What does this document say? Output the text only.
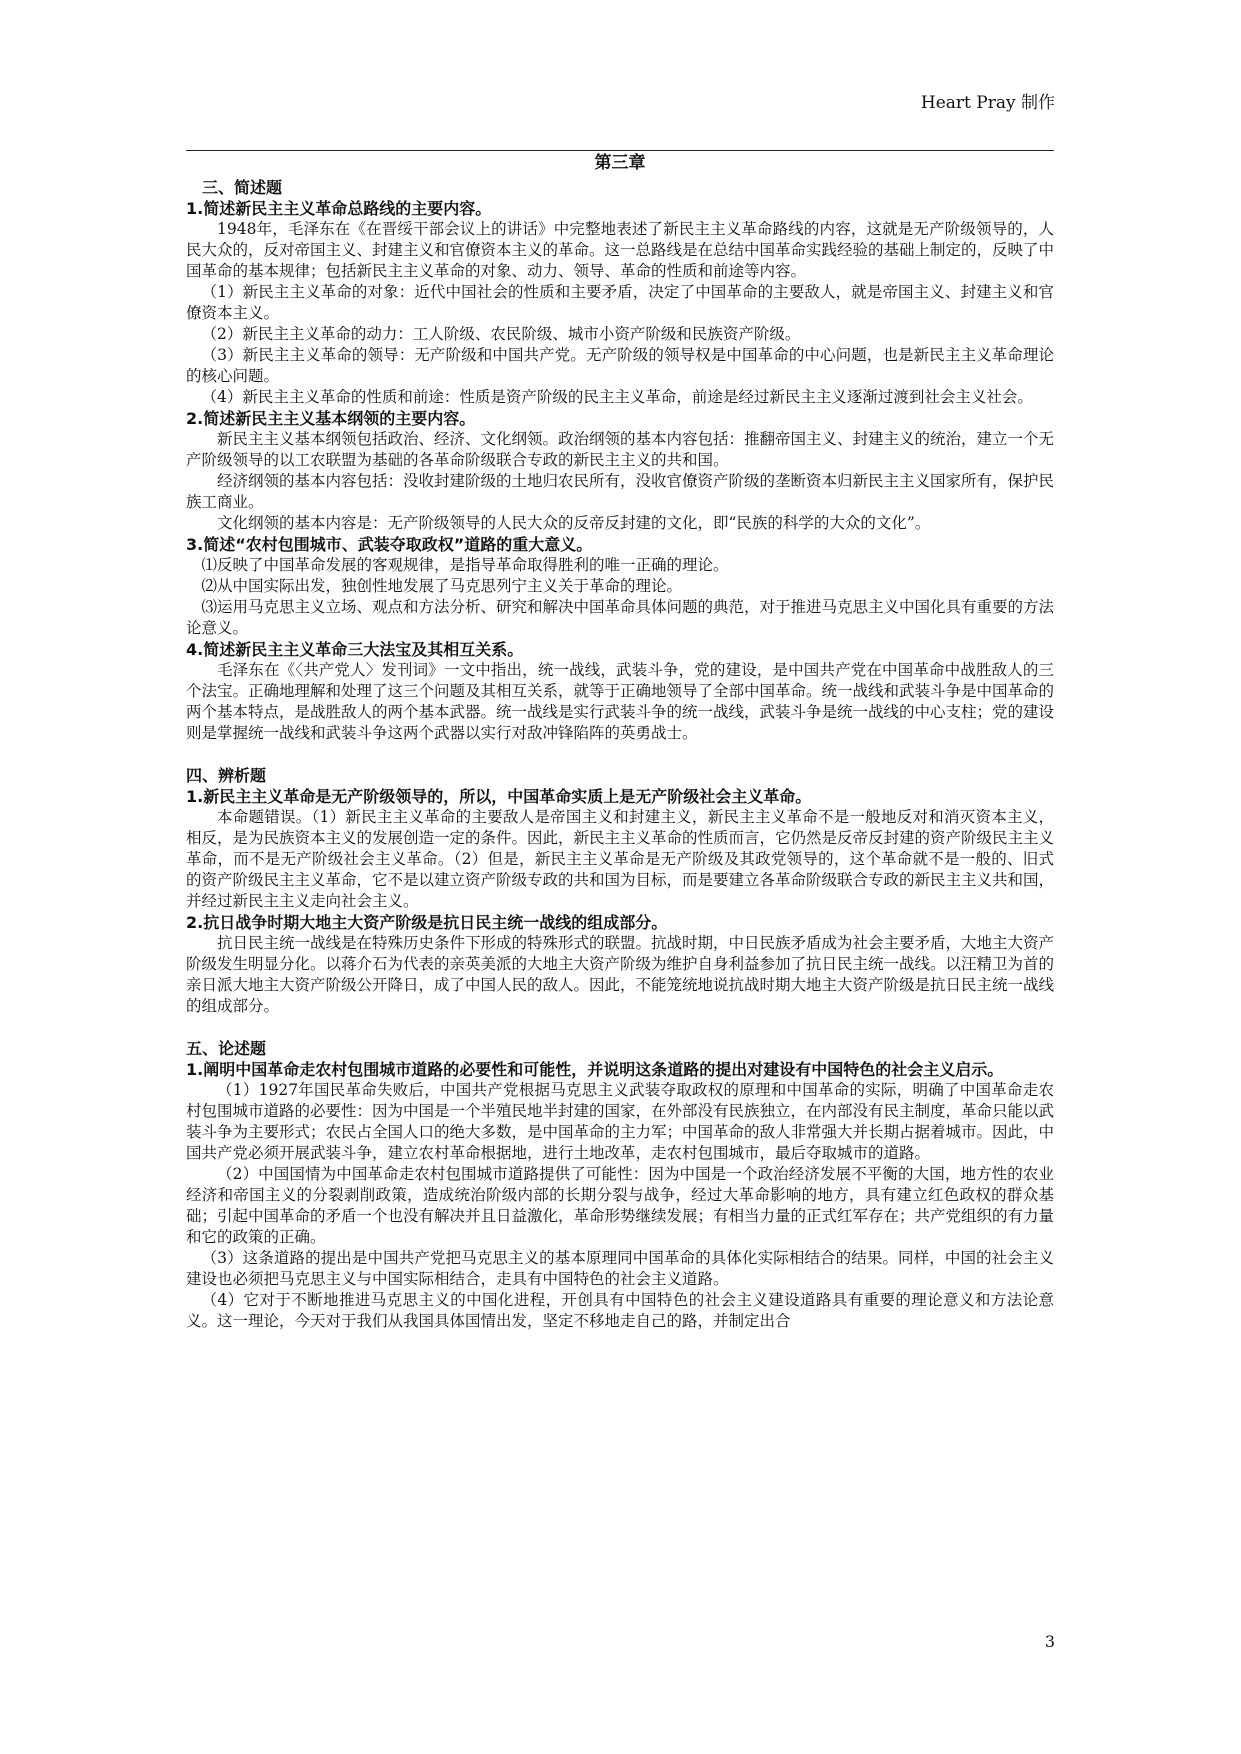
Heart Pray 制作
第三章
三、简述题
1.简述新民主主义革命总路线的主要内容。

1948年，毛泽东在《在晋绥干部会议上的讲话》中完整地表述了新民主主义革命路线的内容，这就是无产阶级领导的，人民大众的，反对帝国主义、封建主义和官僚资本主义的革命。这一总路线是在总结中国革命实践经验的基础上制定的，反映了中国革命的基本规律；包括新民主主义革命的对象、动力、领导、革命的性质和前途等内容。

（1）新民主主义革命的对象：近代中国社会的性质和主要矛盾，决定了中国革命的主要敌人，就是帝国主义、封建主义和官僚资本主义。

（2）新民主主义革命的动力：工人阶级、农民阶级、城市小资产阶级和民族资产阶级。

（3）新民主主义革命的领导：无产阶级和中国共产党。无产阶级的领导权是中国革命的中心问题，也是新民主主义革命理论的核心问题。

（4）新民主主义革命的性质和前途：性质是资产阶级的民主主义革命，前途是经过新民主主义逐渐过渡到社会主义社会。

2.简述新民主主义基本纲领的主要内容。

新民主主义基本纲领包括政治、经济、文化纲领。政治纲领的基本内容包括：推翻帝国主义、封建主义的统治，建立一个无产阶级领导的以工农联盟为基础的各革命阶级联合专政的新民主主义的共和国。

经济纲领的基本内容包括：没收封建阶级的土地归农民所有，没收官僚资产阶级的垄断资本归新民主主义国家所有，保护民族工商业。

文化纲领的基本内容是：无产阶级领导的人民大众的反帝反封建的文化，即“民族的科学的大众的文化”。

3.简述“农村包围城市、武装夺取政权”道路的重大意义。

⑴反映了中国革命发展的客观规律，是指导革命取得胜利的唯一正确的理论。

⑵从中国实际出发，独创性地发展了马克思列宁主义关于革命的理论。

⑶运用马克思主义立场、观点和方法分析、研究和解决中国革命具体问题的典范，对于推进马克思主义中国化具有重要的方法论意义。

4.简述新民主主义革命三大法宝及其相互关系。

毛泽东在《〈共产党人〉发刊词》一文中指出，统一战线，武装斗争，党的建设，是中国共产党在中国革命中战胜敌人的三个法宝。正确地理解和处理了这三个问题及其相互关系，就等于正确地领导了全部中国革命。统一战线和武装斗争是中国革命的两个基本特点，是战胜敌人的两个基本武器。统一战线是实行武装斗争的统一战线，武装斗争是统一战线的中心支柱；党的建设则是掌握统一战线和武装斗争这两个武器以实行对敌冲锋陷阵的英勇战士。

四、辨析题
1.新民主主义革命是无产阶级领导的，所以，中国革命实质上是无产阶级社会主义革命。

本命题错误。（1）新民主主义革命的主要敌人是帝国主义和封建主义，新民主主义革命不是一般地反对和消灭资本主义，相反，是为民族资本主义的发展创造一定的条件。因此，新民主主义革命的性质而言，它仍然是反帝反封建的资产阶级民主主义革命，而不是无产阶级社会主义革命。（2）但是，新民主主义革命是无产阶级及其政党领导的，这个革命就不是一般的、旧式的资产阶级民主主义革命，它不是以建立资产阶级专政的共和国为目标，而是要建立各革命阶级联合专政的新民主主义共和国，并经过新民主主义走向社会主义。

2.抗日战争时期大地主大资产阶级是抗日民主统一战线的组成部分。

抗日民主统一战线是在特殊历史条件下形成的特殊形式的联盟。抗战时期，中日民族矛盾成为社会主要矛盾，大地主大资产阶级发生明显分化。以蒋介石为代表的亲英美派的大地主大资产阶级为维护自身利益参加了抗日民主统一战线。以汪精卫为首的亲日派大地主大资产阶级公开降日，成了中国人民的敌人。因此，不能笼统地说抗战时期大地主大资产阶级是抗日民主统一战线的组成部分。

五、论述题
1.阐明中国革命走农村包围城市道路的必要性和可能性，并说明这条道路的提出对建设有中国特色的社会主义启示。

（1）1927年国民革命失败后，中国共产党根据马克思主义武装夺取政权的原理和中国革命的实际，明确了中国革命走农村包围城市道路的必要性：因为中国是一个半殖民地半封建的国家，在外部没有民族独立，在内部没有民主制度，革命只能以武装斗争为主要形式；农民占全国人口的绝大多数，是中国革命的主力军；中国革命的敌人非常强大并长期占据着城市。因此，中国共产党必须开展武装斗争，建立农村革命根据地，进行土地改革，走农村包围城市，最后夺取城市的道路。

（2）中国国情为中国革命走农村包围城市道路提供了可能性：因为中国是一个政治经济发展不平衡的大国，地方性的农业经济和帝国主义的分裂剥削政策，造成统治阶级内部的长期分裂与战争，经过大革命影响的地方，具有建立红色政权的群众基础；引起中国革命的矛盾一个也没有解决并且日益激化，革命形势继续发展；有相当力量的正式红军存在；共产党组织的有力量和它的政策的正确。

（3）这条道路的提出是中国共产党把马克思主义的基本原理同中国革命的具体化实际相结合的结果。同样，中国的社会主义建设也必须把马克思主义与中国实际相结合，走具有中国特色的社会主义道路。

（4）它对于不断地推进马克思主义的中国化进程，开创具有中国特色的社会主义建设道路具有重要的理论意义和方法论意义。这一理论，今天对于我们从我国具体国情出发，坚定不移地走自己的路，并制定出合

3
